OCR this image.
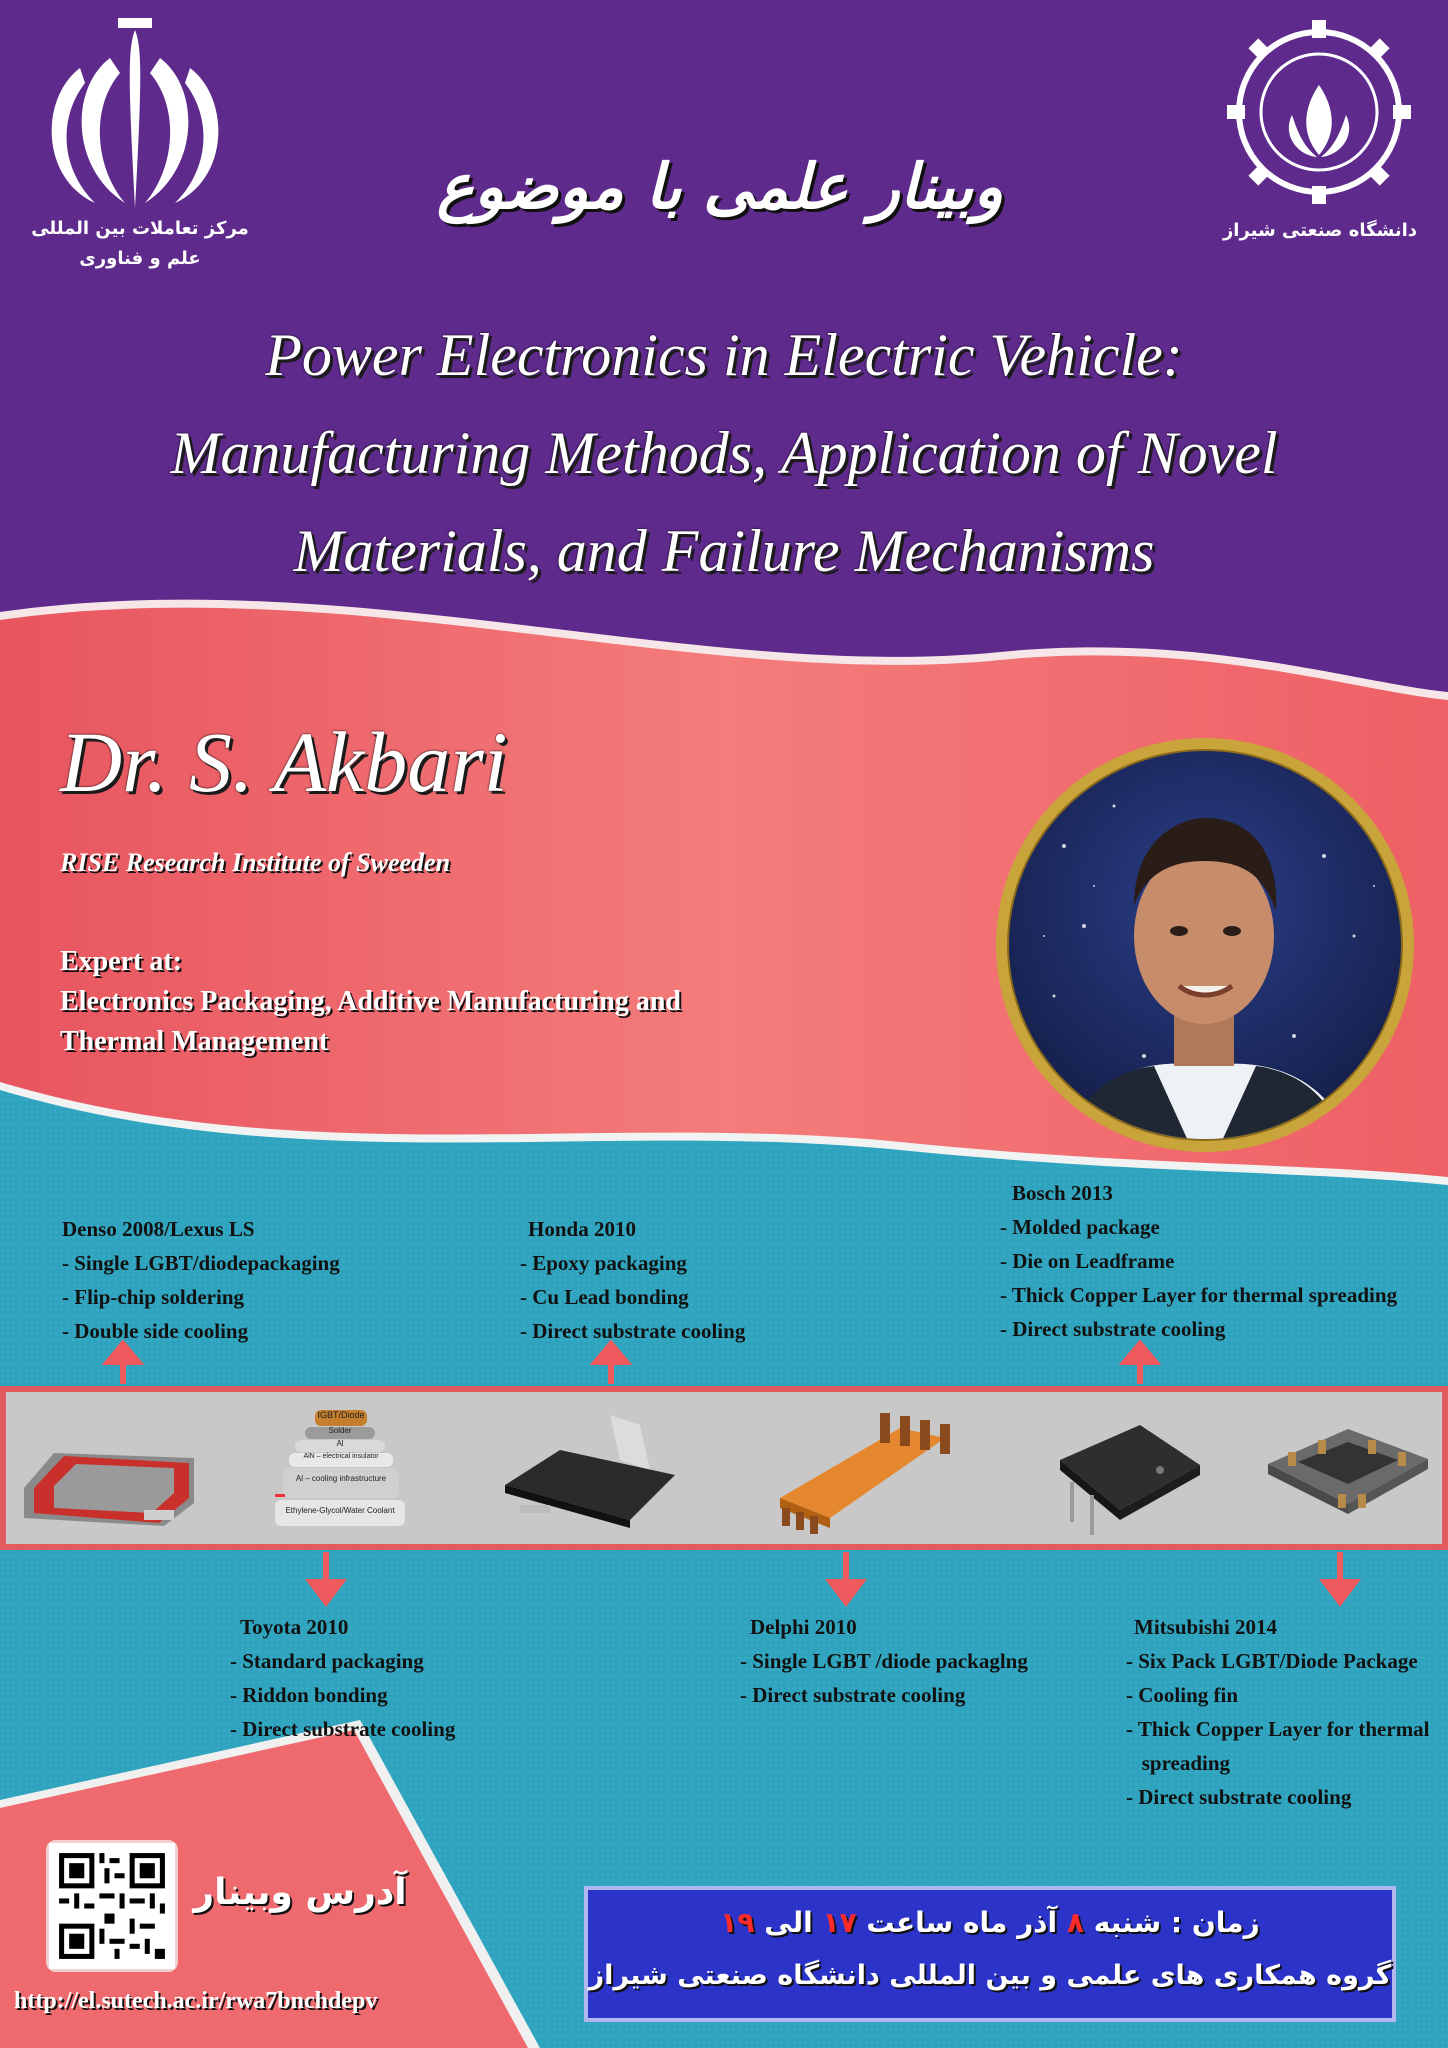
مرکز تعاملات بین المللی
علم و فناوری
دانشگاه صنعتی شیراز
وبینار علمی با موضوع
Power Electronics in Electric Vehicle:
Manufacturing Methods, Application of Novel
Materials, and Failure Mechanisms
Dr. S. Akbari
RISE Research Institute of Sweeden
Expert at:
Electronics Packaging, Additive Manufacturing and
Thermal Management
Denso 2008/Lexus LS
- Single LGBT/diodepackaging
- Flip-chip soldering
- Double side cooling
Honda 2010
- Epoxy packaging
- Cu Lead bonding
- Direct substrate cooling
Bosch 2013
- Molded package
- Die on Leadframe
- Thick Copper Layer for thermal spreading
- Direct substrate cooling
IGBT/Diode
Solder
Al
AlN – electrical insulator
Al – cooling infrastructure
Ethylene-Glycol/Water Coolant
Toyota 2010
- Standard packaging
- Riddon bonding
- Direct substrate cooling
Delphi 2010
- Single LGBT /diode packaglng
- Direct substrate cooling
Mitsubishi 2014
- Six Pack LGBT/Diode Package
- Cooling fin
- Thick Copper Layer for thermal
spreading
- Direct substrate cooling
آدرس وبینار
http://el.sutech.ac.ir/rwa7bnchdepv
زمان : شنبه ۸ آذر ماه ساعت ۱۷ الی ۱۹
گروه همکاری های علمی و بین المللی دانشگاه صنعتی شیراز
